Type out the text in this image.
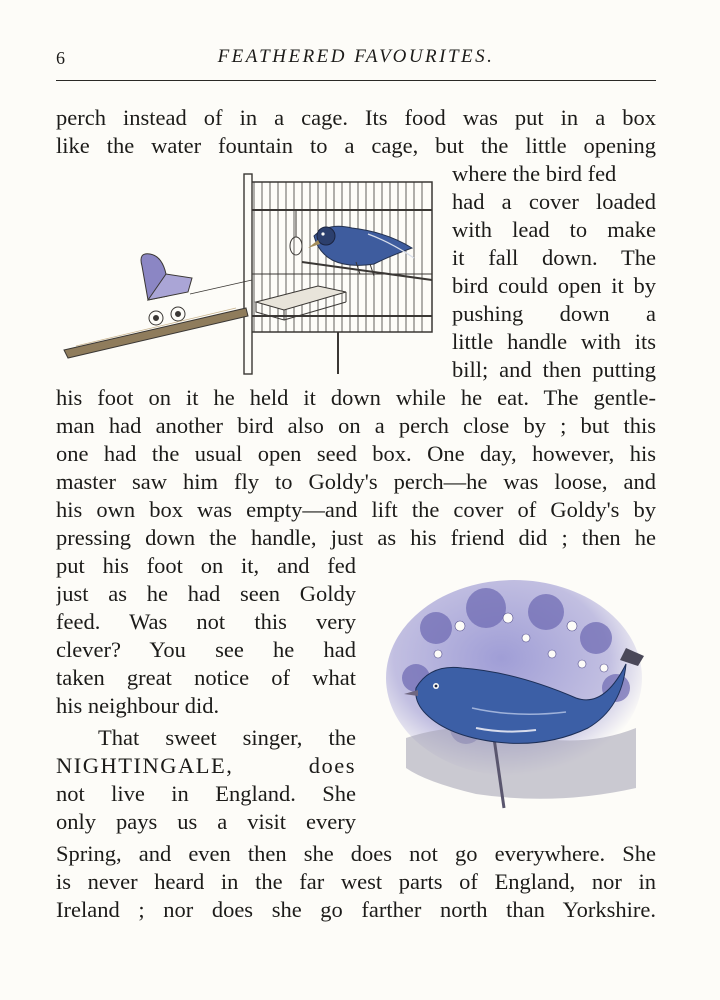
6	FEATHERED FAVOURITES.
perch instead of in a cage. Its food was put in a box
like the water fountain to a cage, but the little opening
where the bird fed
had a cover loaded
with lead to make
it fall down. The
bird could open it by
pushing down a
little handle with its
bill; and then putting
his foot on it he held it down while he eat. The gentle-
man had another bird also on a perch close by ; but this
one had the usual open seed box. One day, however, his
master saw him fly to Goldy's perch—he was loose, and
his own box was empty—and lift the cover of Goldy's by
pressing down the handle, just as his friend did ; then he
put his foot on it, and fed
just as he had seen Goldy
feed. Was not this very
clever? You see he had
taken great notice of what
his neighbour did.
That sweet singer, the
NIGHTINGALE, does
not live in England. She
only pays us a visit every
Spring, and even then she does not go everywhere. She
is never heard in the far west parts of England, nor in
Ireland ; nor does she go farther north than Yorkshire.
